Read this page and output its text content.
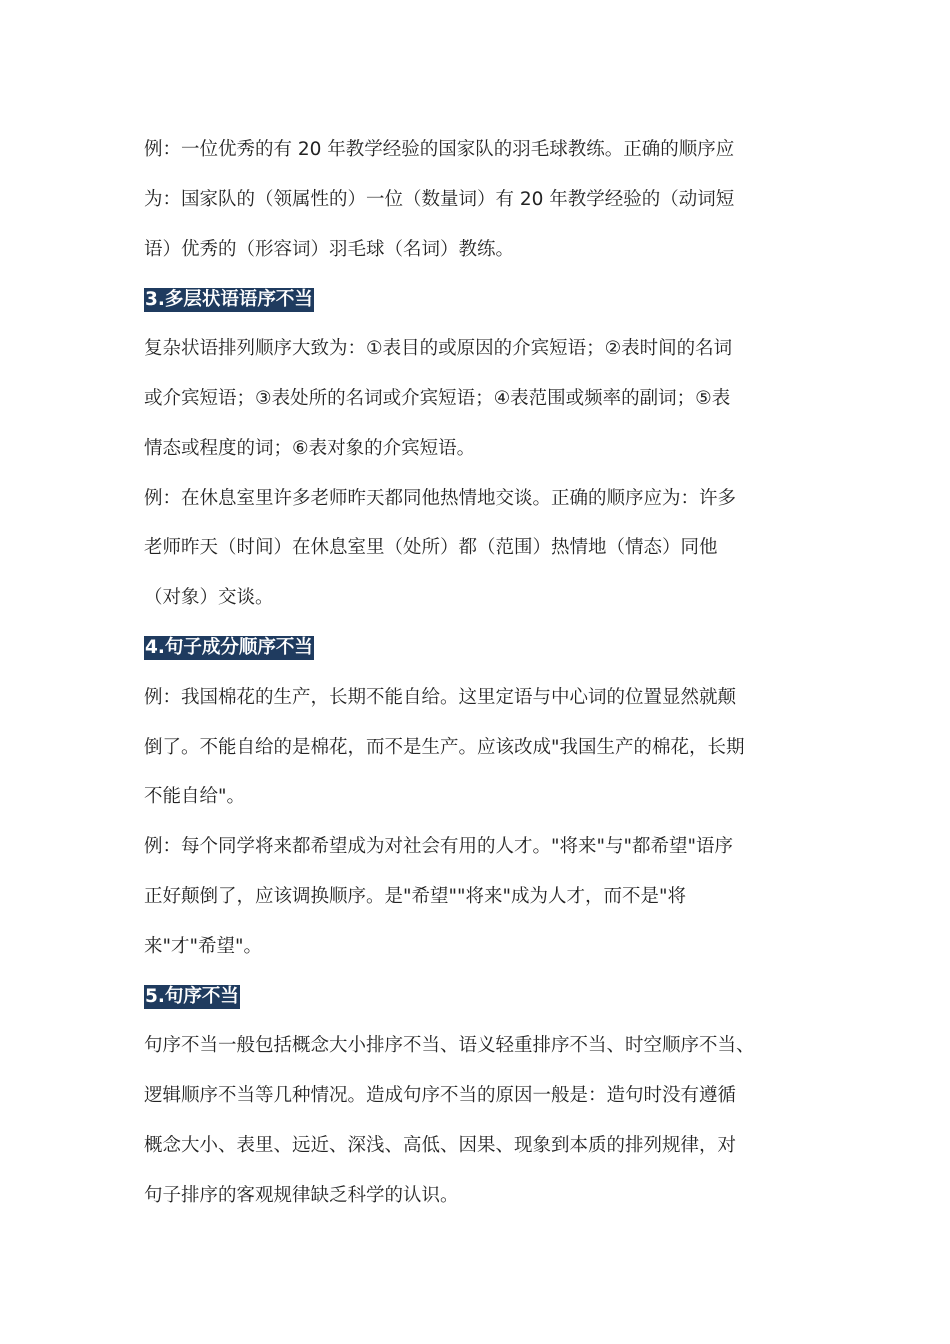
例：一位优秀的有 20 年教学经验的国家队的羽毛球教练。正确的顺序应
为：国家队的（领属性的）一位（数量词）有 20 年教学经验的（动词短
语）优秀的（形容词）羽毛球（名词）教练。

3.多层状语语序不当

复杂状语排列顺序大致为：①表目的或原因的介宾短语；②表时间的名词
或介宾短语；③表处所的名词或介宾短语；④表范围或频率的副词；⑤表
情态或程度的词；⑥表对象的介宾短语。

例：在休息室里许多老师昨天都同他热情地交谈。正确的顺序应为：许多
老师昨天（时间）在休息室里（处所）都（范围）热情地（情态）同他
（对象）交谈。

4.句子成分顺序不当

例：我国棉花的生产，长期不能自给。这里定语与中心词的位置显然就颠
倒了。不能自给的是棉花，而不是生产。应该改成"我国生产的棉花，长期
不能自给"。

例：每个同学将来都希望成为对社会有用的人才。"将来"与"都希望"语序
正好颠倒了，应该调换顺序。是"希望""将来"成为人才，而不是"将
来"才"希望"。

5.句序不当

句序不当一般包括概念大小排序不当、语义轻重排序不当、时空顺序不当、
逻辑顺序不当等几种情况。造成句序不当的原因一般是：造句时没有遵循
概念大小、表里、远近、深浅、高低、因果、现象到本质的排列规律，对
句子排序的客观规律缺乏科学的认识。
